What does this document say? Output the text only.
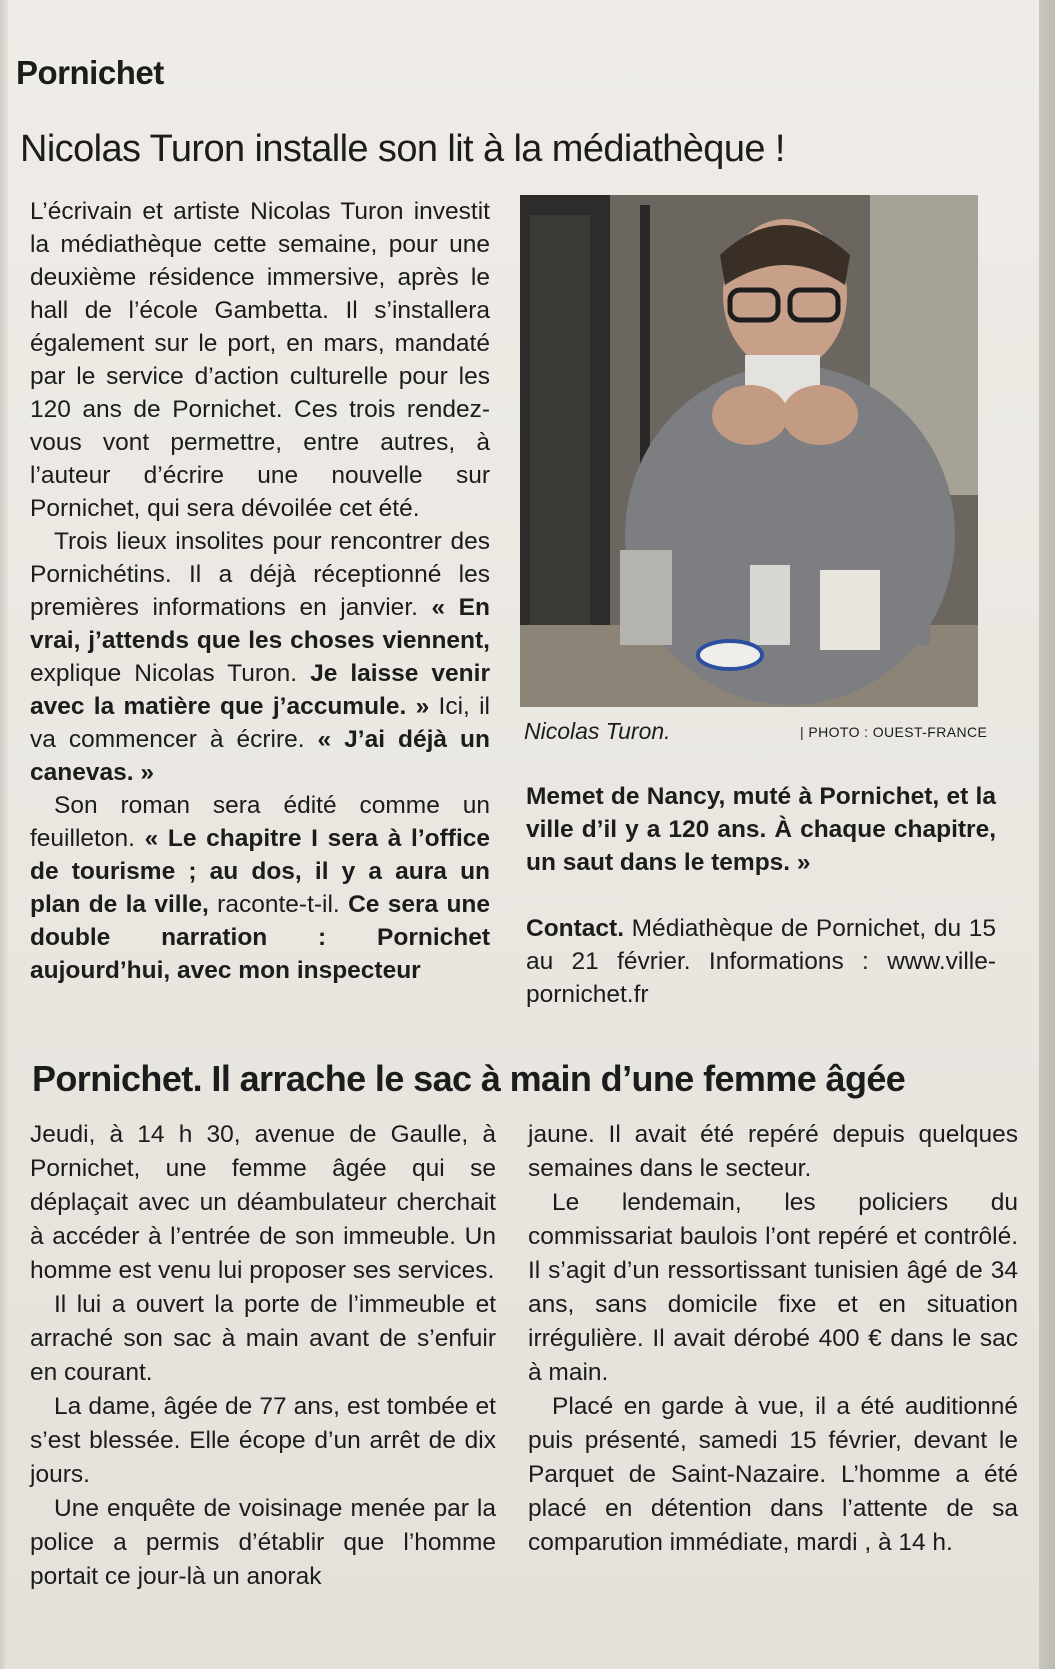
Pornichet
Nicolas Turon installe son lit à la médiathèque !

L’écrivain et artiste Nicolas Turon investit la médiathèque cette semaine, pour une deuxième résidence immersive, après le hall de l’école Gambetta. Il s’installera également sur le port, en mars, mandaté par le service d’action culturelle pour les 120 ans de Pornichet. Ces trois rendez-vous vont permettre, entre autres, à l’auteur d’écrire une nouvelle sur Pornichet, qui sera dévoilée cet été.

Trois lieux insolites pour rencontrer des Pornichétins. Il a déjà réceptionné les premières informations en janvier. « En vrai, j’attends que les choses viennent, explique Nicolas Turon. Je laisse venir avec la matière que j’accumule. » Ici, il va commencer à écrire. « J’ai déjà un canevas. »

Son roman sera édité comme un feuilleton. « Le chapitre I sera à l’office de tourisme ; au dos, il y a aura un plan de la ville, raconte-t-il. Ce sera une double narration : Pornichet aujourd’hui, avec mon inspecteur

Nicolas Turon.	| PHOTO : OUEST-FRANCE

Memet de Nancy, muté à Pornichet, et la ville d’il y a 120 ans. À chaque chapitre, un saut dans le temps. »

Contact. Médiathèque de Pornichet, du 15 au 21 février. Informations : www.ville-pornichet.fr

Pornichet. Il arrache le sac à main d’une femme âgée

Jeudi, à 14 h 30, avenue de Gaulle, à Pornichet, une femme âgée qui se déplaçait avec un déambulateur cherchait à accéder à l’entrée de son immeuble. Un homme est venu lui proposer ses services.

Il lui a ouvert la porte de l’immeuble et arraché son sac à main avant de s’enfuir en courant.

La dame, âgée de 77 ans, est tombée et s’est blessée. Elle écope d’un arrêt de dix jours.

Une enquête de voisinage menée par la police a permis d’établir que l’homme portait ce jour-là un anorak

jaune. Il avait été repéré depuis quelques semaines dans le secteur.

Le lendemain, les policiers du commissariat baulois l’ont repéré et contrôlé. Il s’agit d’un ressortissant tunisien âgé de 34 ans, sans domicile fixe et en situation irrégulière. Il avait dérobé 400 € dans le sac à main.

Placé en garde à vue, il a été auditionné puis présenté, samedi 15 février, devant le Parquet de Saint-Nazaire. L’homme a été placé en détention dans l’attente de sa comparution immédiate, mardi , à 14 h.
